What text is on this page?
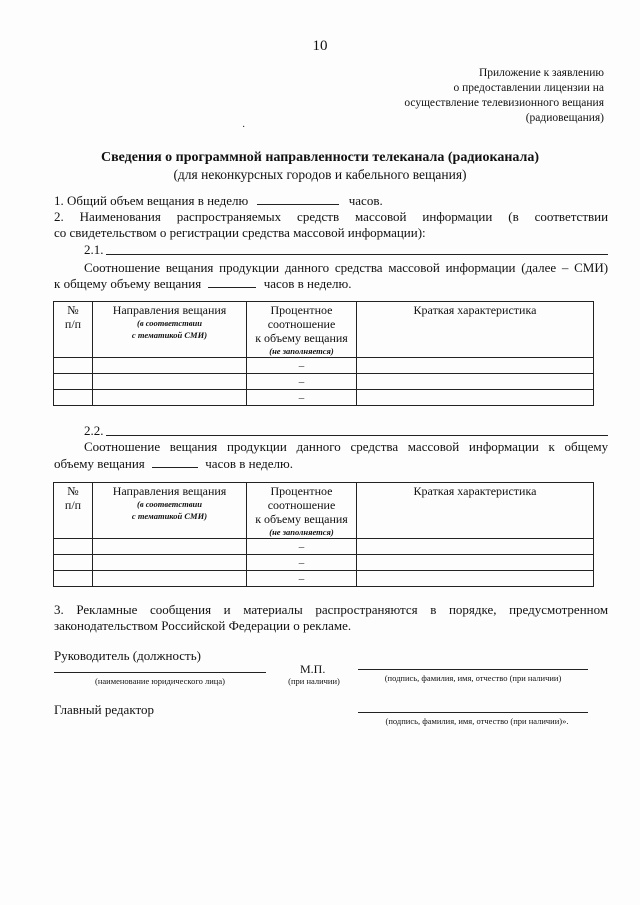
10
Приложение к заявлению
о предоставлении лицензии на
осуществление телевизионного вещания
(радиовещания)
·
Сведения о программной направленности телеканала (радиоканала)
(для неконкурсных городов и кабельного вещания)
1. Общий объем вещания в неделю	часов.
2. Наименования распространяемых средств массовой информации (в соответствии
со свидетельством о регистрации средства массовой информации):
2.1.
Соотношение вещания продукции данного средства массовой информации (далее – СМИ)
к общему объему вещания	часов в неделю.
№
п/п	Направления вещания
(в соответствии
с тематикой СМИ)	Процентное
соотношение
к объему вещания
(не заполняется)	Краткая характеристика
		–	
		–	
		–	
2.2.
Соотношение вещания продукции данного средства массовой информации к общему
объему вещания	часов в неделю.
№
п/п	Направления вещания
(в соответствии
с тематикой СМИ)	Процентное
соотношение
к объему вещания
(не заполняется)	Краткая характеристика
		–	
		–	
		–	
3. Рекламные сообщения и материалы распространяются в порядке, предусмотренном
законодательством Российской Федерации о рекламе.
Руководитель (должность)
М.П.
(наименование юридического лица)	(при наличии)	(подпись, фамилия, имя, отчество (при наличии)
Главный редактор
(подпись, фамилия, имя, отчество (при наличии)».
